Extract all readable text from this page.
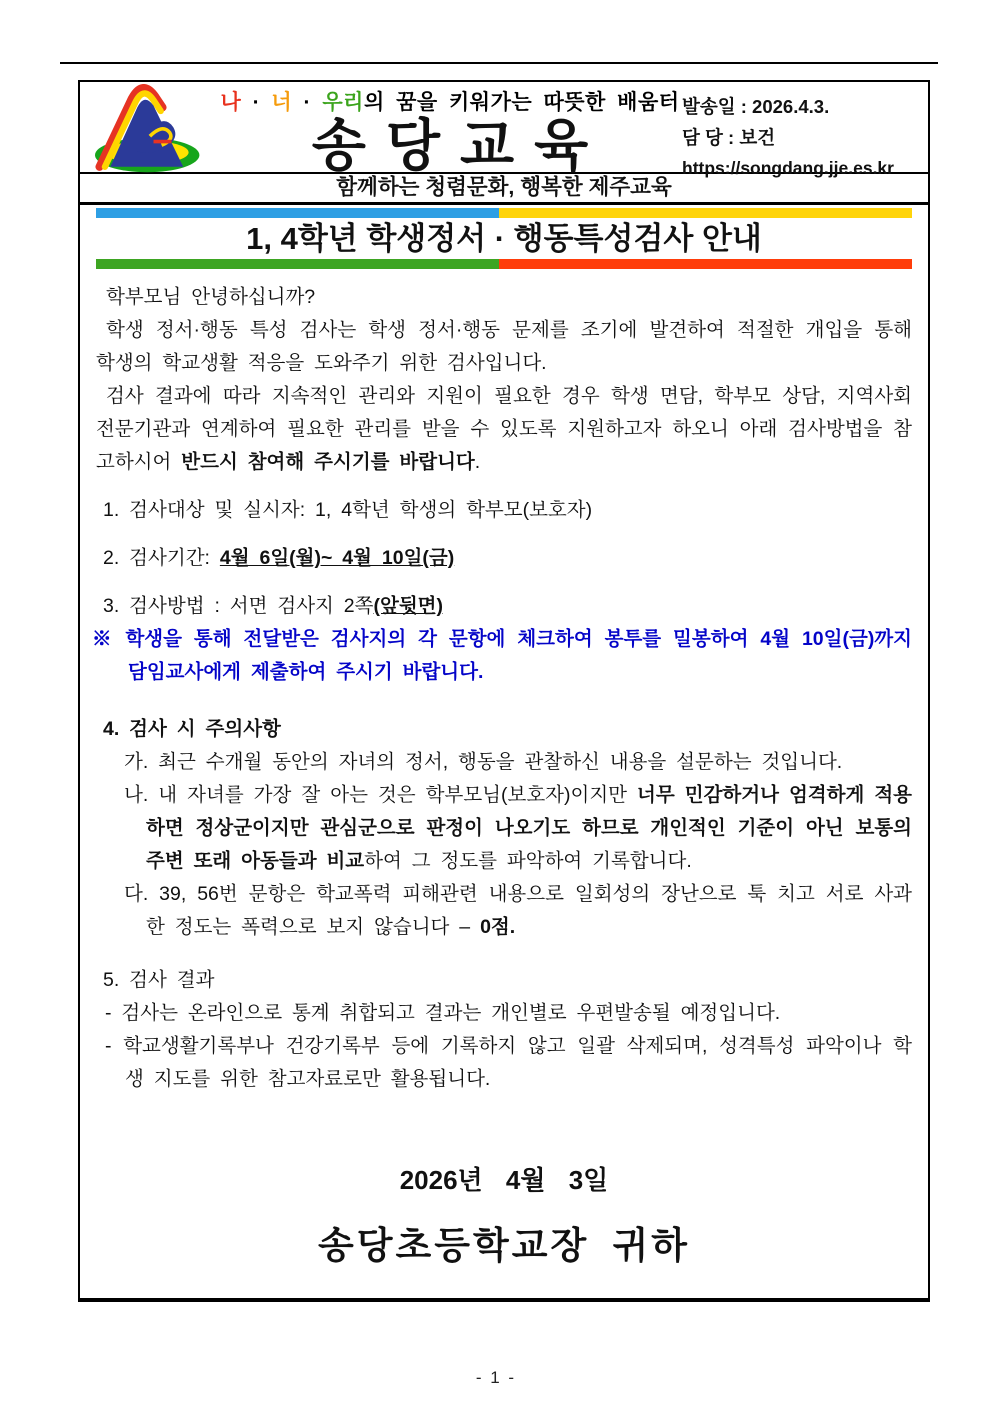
나 · 너 · 우리의 꿈을 키워가는 따뜻한 배움터
송당교육
발송일 : 2026.4.3.
담 당 : 보건
https://songdang.jje.es.kr
함께하는 청렴문화, 행복한 제주교육
1, 4학년 학생정서 · 행동특성검사 안내
학부모님 안녕하십니까?
학생 정서·행동 특성 검사는 학생 정서·행동 문제를 조기에 발견하여 적절한 개입을 통해 학생의 학교생활 적응을 도와주기 위한 검사입니다.
검사 결과에 따라 지속적인 관리와 지원이 필요한 경우 학생 면담, 학부모 상담, 지역사회 전문기관과 연계하여 필요한 관리를 받을 수 있도록 지원하고자 하오니 아래 검사방법을 참고하시어 반드시 참여해 주시기를 바랍니다.
1. 검사대상 및 실시자: 1, 4학년 학생의 학부모(보호자)
2. 검사기간: 4월 6일(월)~ 4월 10일(금)
3. 검사방법 : 서면 검사지 2쪽(앞뒷면)
※ 학생을 통해 전달받은 검사지의 각 문항에 체크하여 봉투를 밀봉하여 4월 10일(금)까지 담임교사에게 제출하여 주시기 바랍니다.
4. 검사 시 주의사항
가. 최근 수개월 동안의 자녀의 정서, 행동을 관찰하신 내용을 설문하는 것입니다.
나. 내 자녀를 가장 잘 아는 것은 학부모님(보호자)이지만 너무 민감하거나 엄격하게 적용하면 정상군이지만 관심군으로 판정이 나오기도 하므로 개인적인 기준이 아닌 보통의 주변 또래 아동들과 비교하여 그 정도를 파악하여 기록합니다.
다. 39, 56번 문항은 학교폭력 피해관련 내용으로 일회성의 장난으로 툭 치고 서로 사과한 정도는 폭력으로 보지 않습니다 – 0점.
5. 검사 결과
- 검사는 온라인으로 통계 취합되고 결과는 개인별로 우편발송될 예정입니다.
- 학교생활기록부나 건강기록부 등에 기록하지 않고 일괄 삭제되며, 성격특성 파악이나 학생 지도를 위한 참고자료로만 활용됩니다.
2026년 4월 3일
송당초등학교장 귀하
- 1 -
